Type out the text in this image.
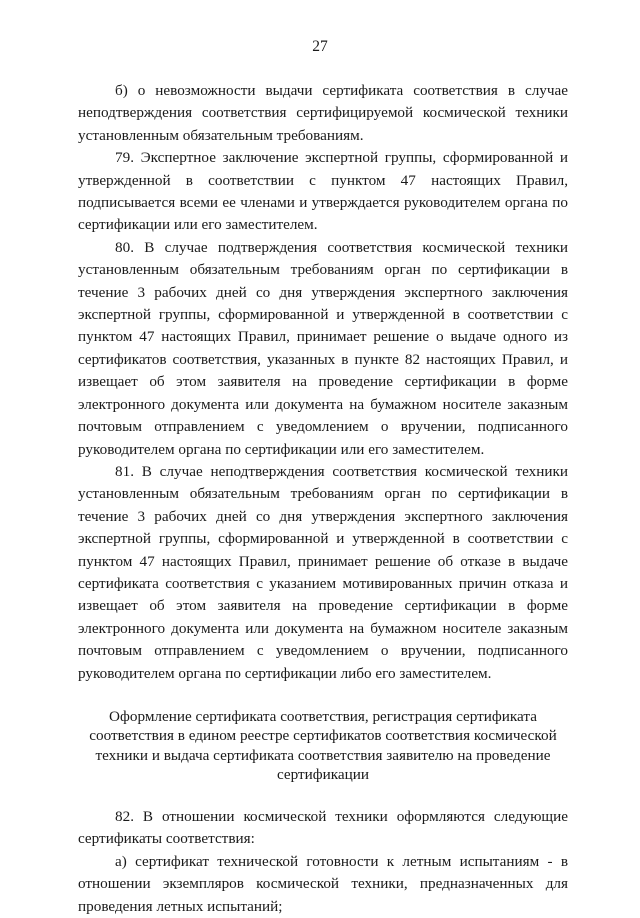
27

б) о невозможности выдачи сертификата соответствия в случае неподтверждения соответствия сертифицируемой космической техники установленным обязательным требованиям.

79. Экспертное заключение экспертной группы, сформированной и утвержденной в соответствии с пунктом 47 настоящих Правил, подписывается всеми ее членами и утверждается руководителем органа по сертификации или его заместителем.

80. В случае подтверждения соответствия космической техники установленным обязательным требованиям орган по сертификации в течение 3 рабочих дней со дня утверждения экспертного заключения экспертной группы, сформированной и утвержденной в соответствии с пунктом 47 настоящих Правил, принимает решение о выдаче одного из сертификатов соответствия, указанных в пункте 82 настоящих Правил, и извещает об этом заявителя на проведение сертификации в форме электронного документа или документа на бумажном носителе заказным почтовым отправлением с уведомлением о вручении, подписанного руководителем органа по сертификации или его заместителем.

81. В случае неподтверждения соответствия космической техники установленным обязательным требованиям орган по сертификации в течение 3 рабочих дней со дня утверждения экспертного заключения экспертной группы, сформированной и утвержденной в соответствии с пунктом 47 настоящих Правил, принимает решение об отказе в выдаче сертификата соответствия с указанием мотивированных причин отказа и извещает об этом заявителя на проведение сертификации в форме электронного документа или документа на бумажном носителе заказным почтовым отправлением с уведомлением о вручении, подписанного руководителем органа по сертификации либо его заместителем.

Оформление сертификата соответствия, регистрация сертификата соответствия в едином реестре сертификатов соответствия космической техники и выдача сертификата соответствия заявителю на проведение сертификации

82. В отношении космической техники оформляются следующие сертификаты соответствия:

а) сертификат технической готовности к летным испытаниям - в отношении экземпляров космической техники, предназначенных для проведения летных испытаний;
